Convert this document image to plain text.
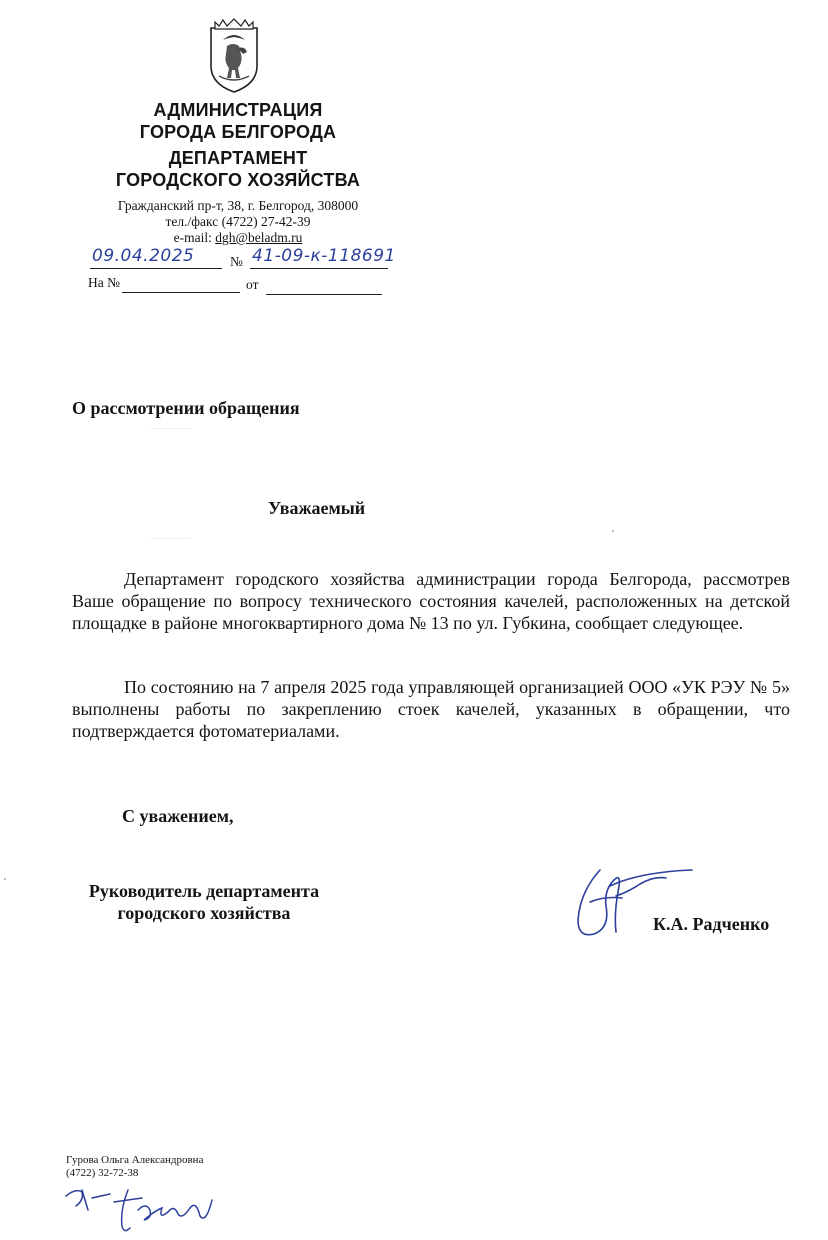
АДМИНИСТРАЦИЯ
ГОРОДА БЕЛГОРОДА
ДЕПАРТАМЕНТ
ГОРОДСКОГО ХОЗЯЙСТВА
Гражданский пр-т, 38, г. Белгород, 308000
тел./факс (4722) 27-42-39
e-mail: dgh@beladm.ru
09.04.2025	№ 41-09-к-118691
На №	от
О рассмотрении обращения
Уважаемый
Департамент городского хозяйства администрации города Белгорода, рассмотрев Ваше обращение по вопросу технического состояния качелей, расположенных на детской площадке в районе многоквартирного дома № 13 по ул. Губкина, сообщает следующее.
По состоянию на 7 апреля 2025 года управляющей организацией ООО «УК РЭУ № 5» выполнены работы по закреплению стоек качелей, указанных в обращении, что подтверждается фотоматериалами.
С уважением,
Руководитель департамента
городского хозяйства
К.А. Радченко
Гурова Ольга Александровна
(4722) 32-72-38
